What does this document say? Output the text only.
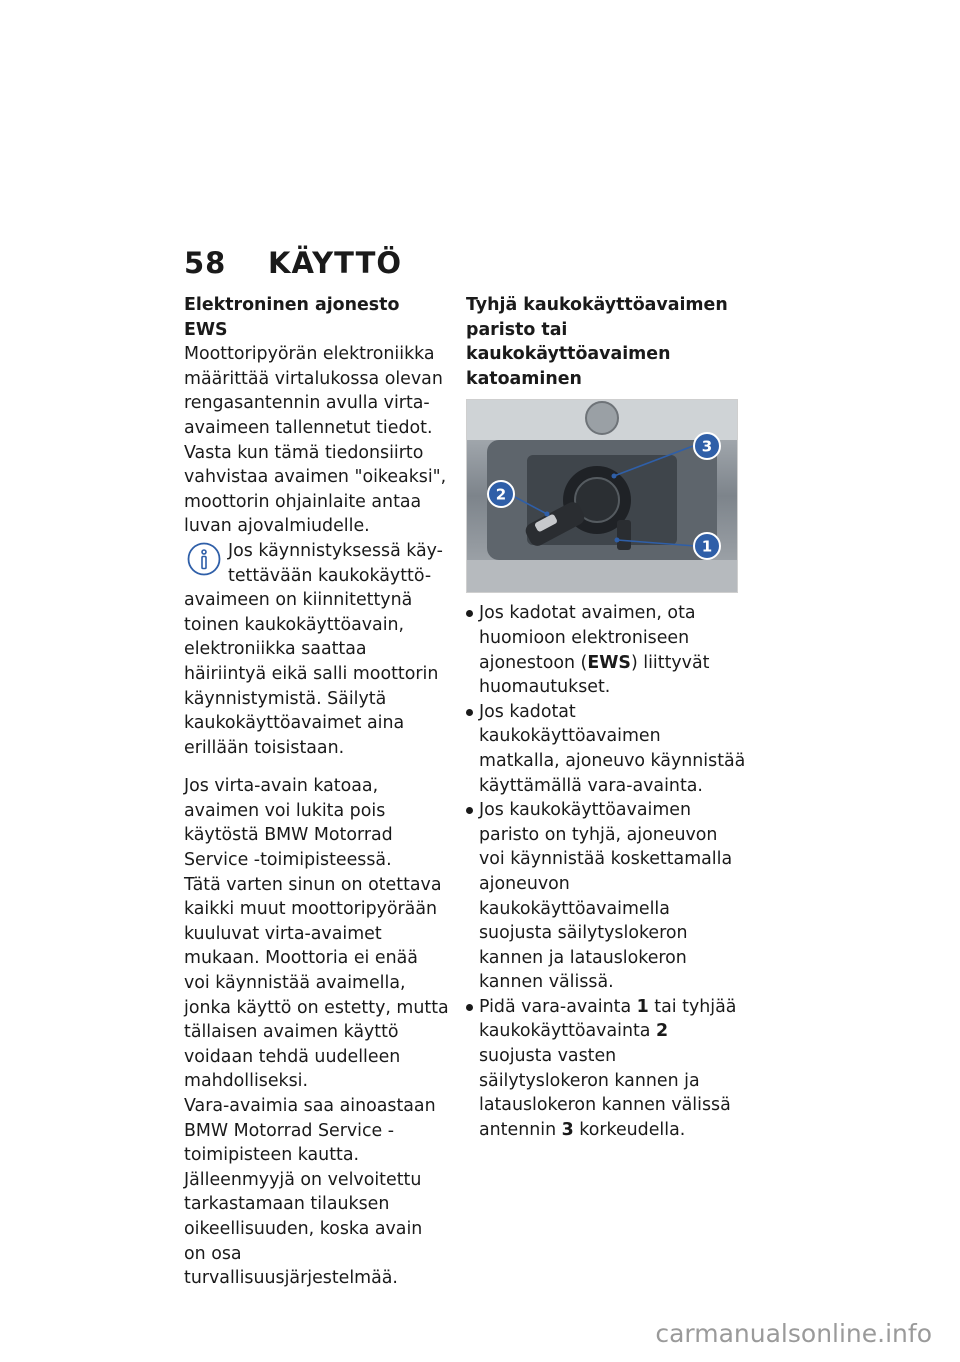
58 KÄYTTÖ

Elektroninen ajonesto EWS

Moottoripyörän elektroniikka määrittää virtalukossa olevan rengasantennin avulla virta-avaimeen tallennetut tiedot. Vasta kun tämä tiedonsiirto vahvistaa avaimen "oikeaksi", moottorin ohjainlaite antaa luvan ajovalmiudelle.

Jos käynnistyksessä käy-
tettävään kaukokäyttö-
avaimeen on kiinnitettynä toinen kaukokäyttöavain, elektroniikka saattaa häiriintyä eikä salli moottorin käynnistymistä. Säilytä kaukokäyttöavaimet aina erillään toisistaan.

Jos virta-avain katoaa, avaimen voi lukita pois käytöstä BMW Motorrad Service -toimipisteessä.

Tätä varten sinun on otettava kaikki muut moottoripyörään kuuluvat virta-avaimet mukaan. Moottoria ei enää voi käynnistää avaimella, jonka käyttö on estetty, mutta tällaisen avaimen käyttö voidaan tehdä uudelleen mahdolliseksi.

Vara-avaimia saa ainoastaan BMW Motorrad Service -toimipisteen kautta. Jälleenmyyjä on velvoitettu tarkastamaan tilauksen oikeellisuuden, koska avain on osa turvallisuusjärjestelmää.

Tyhjä kaukokäyttöavaimen paristo tai kaukokäyttöavaimen katoaminen

3
2
1
Jos kadotat avaimen, ota huomioon elektroniseen ajonestoon (EWS) liittyvät huomautukset.
Jos kadotat kaukokäyttöavaimen matkalla, ajoneuvo käynnistää käyttämällä vara-avainta.
Jos kaukokäyttöavaimen paristo on tyhjä, ajoneuvon voi käynnistää koskettamalla ajoneuvon kaukokäyttöavaimella suojusta säilytyslokeron kannen ja latauslokeron kannen välissä.
Pidä vara-avainta 1 tai tyhjää kaukokäyttöavainta 2 suojusta vasten säilytyslokeron kannen ja latauslokeron kannen välissä antennin 3 korkeudella.
carmanualsonline.info
